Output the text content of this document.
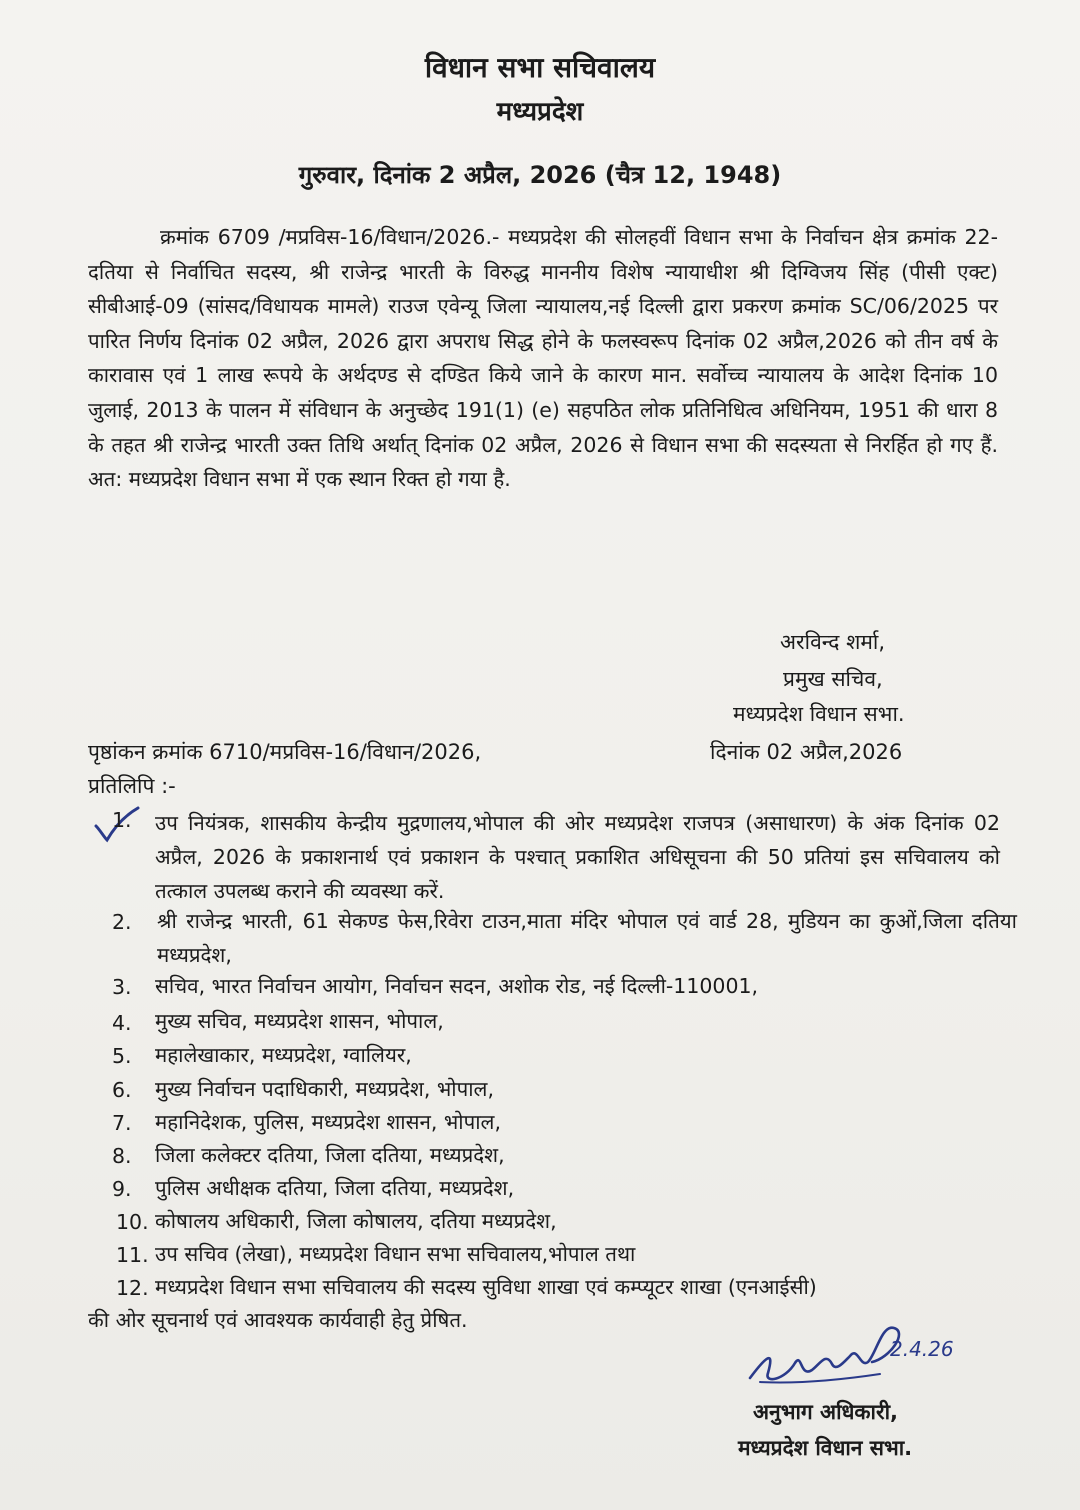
विधान सभा सचिवालय
मध्यप्रदेश
गुरुवार, दिनांक 2 अप्रैल, 2026 (चैत्र 12, 1948)
क्रमांक 6709 /मप्रविस-16/विधान/2026.- मध्यप्रदेश की सोलहवीं विधान सभा के निर्वाचन क्षेत्र क्रमांक 22-दतिया से निर्वाचित सदस्य, श्री राजेन्द्र भारती के विरुद्ध माननीय विशेष न्यायाधीश श्री दिग्विजय सिंह (पीसी एक्ट) सीबीआई-09 (सांसद/विधायक मामले) राउज एवेन्यू जिला न्यायालय,नई दिल्ली द्वारा प्रकरण क्रमांक SC/06/2025 पर पारित निर्णय दिनांक 02 अप्रैल, 2026 द्वारा अपराध सिद्ध होने के फलस्वरूप दिनांक 02 अप्रैल,2026 को तीन वर्ष के कारावास एवं 1 लाख रूपये के अर्थदण्ड से दण्डित किये जाने के कारण मान. सर्वोच्च न्यायालय के आदेश दिनांक 10 जुलाई, 2013 के पालन में संविधान के अनुच्छेद 191(1) (e) सहपठित लोक प्रतिनिधित्व अधिनियम, 1951 की धारा 8 के तहत श्री राजेन्द्र भारती उक्त तिथि अर्थात् दिनांक 02 अप्रैल, 2026 से विधान सभा की सदस्यता से निरर्हित हो गए हैं. अत: मध्यप्रदेश विधान सभा में एक स्थान रिक्त हो गया है.
अरविन्द शर्मा,
प्रमुख सचिव,
मध्यप्रदेश विधान सभा.
पृष्ठांकन क्रमांक 6710/मप्रविस-16/विधान/2026,	दिनांक 02 अप्रैल,2026
प्रतिलिपि :-
1. उप नियंत्रक, शासकीय केन्द्रीय मुद्रणालय,भोपाल की ओर मध्यप्रदेश राजपत्र (असाधारण) के अंक दिनांक 02 अप्रैल, 2026 के प्रकाशनार्थ एवं प्रकाशन के पश्चात् प्रकाशित अधिसूचना की 50 प्रतियां इस सचिवालय को तत्काल उपलब्ध कराने की व्यवस्था करें.
2. श्री राजेन्द्र भारती, 61 सेकण्ड फेस,रिवेरा टाउन,माता मंदिर भोपाल एवं वार्ड 28, मुडियन का कुओं,जिला दतिया मध्यप्रदेश,
3. सचिव, भारत निर्वाचन आयोग, निर्वाचन सदन, अशोक रोड, नई दिल्ली-110001,
4. मुख्य सचिव, मध्यप्रदेश शासन, भोपाल,
5. महालेखाकार, मध्यप्रदेश, ग्वालियर,
6. मुख्य निर्वाचन पदाधिकारी, मध्यप्रदेश, भोपाल,
7. महानिदेशक, पुलिस, मध्यप्रदेश शासन, भोपाल,
8. जिला कलेक्टर दतिया, जिला दतिया, मध्यप्रदेश,
9. पुलिस अधीक्षक दतिया, जिला दतिया, मध्यप्रदेश,
10. कोषालय अधिकारी, जिला कोषालय, दतिया मध्यप्रदेश,
11. उप सचिव (लेखा), मध्यप्रदेश विधान सभा सचिवालय,भोपाल तथा
12. मध्यप्रदेश विधान सभा सचिवालय की सदस्य सुविधा शाखा एवं कम्प्यूटर शाखा (एनआईसी)
की ओर सूचनार्थ एवं आवश्यक कार्यवाही हेतु प्रेषित.
2.4.26
अनुभाग अधिकारी,
मध्यप्रदेश विधान सभा.
